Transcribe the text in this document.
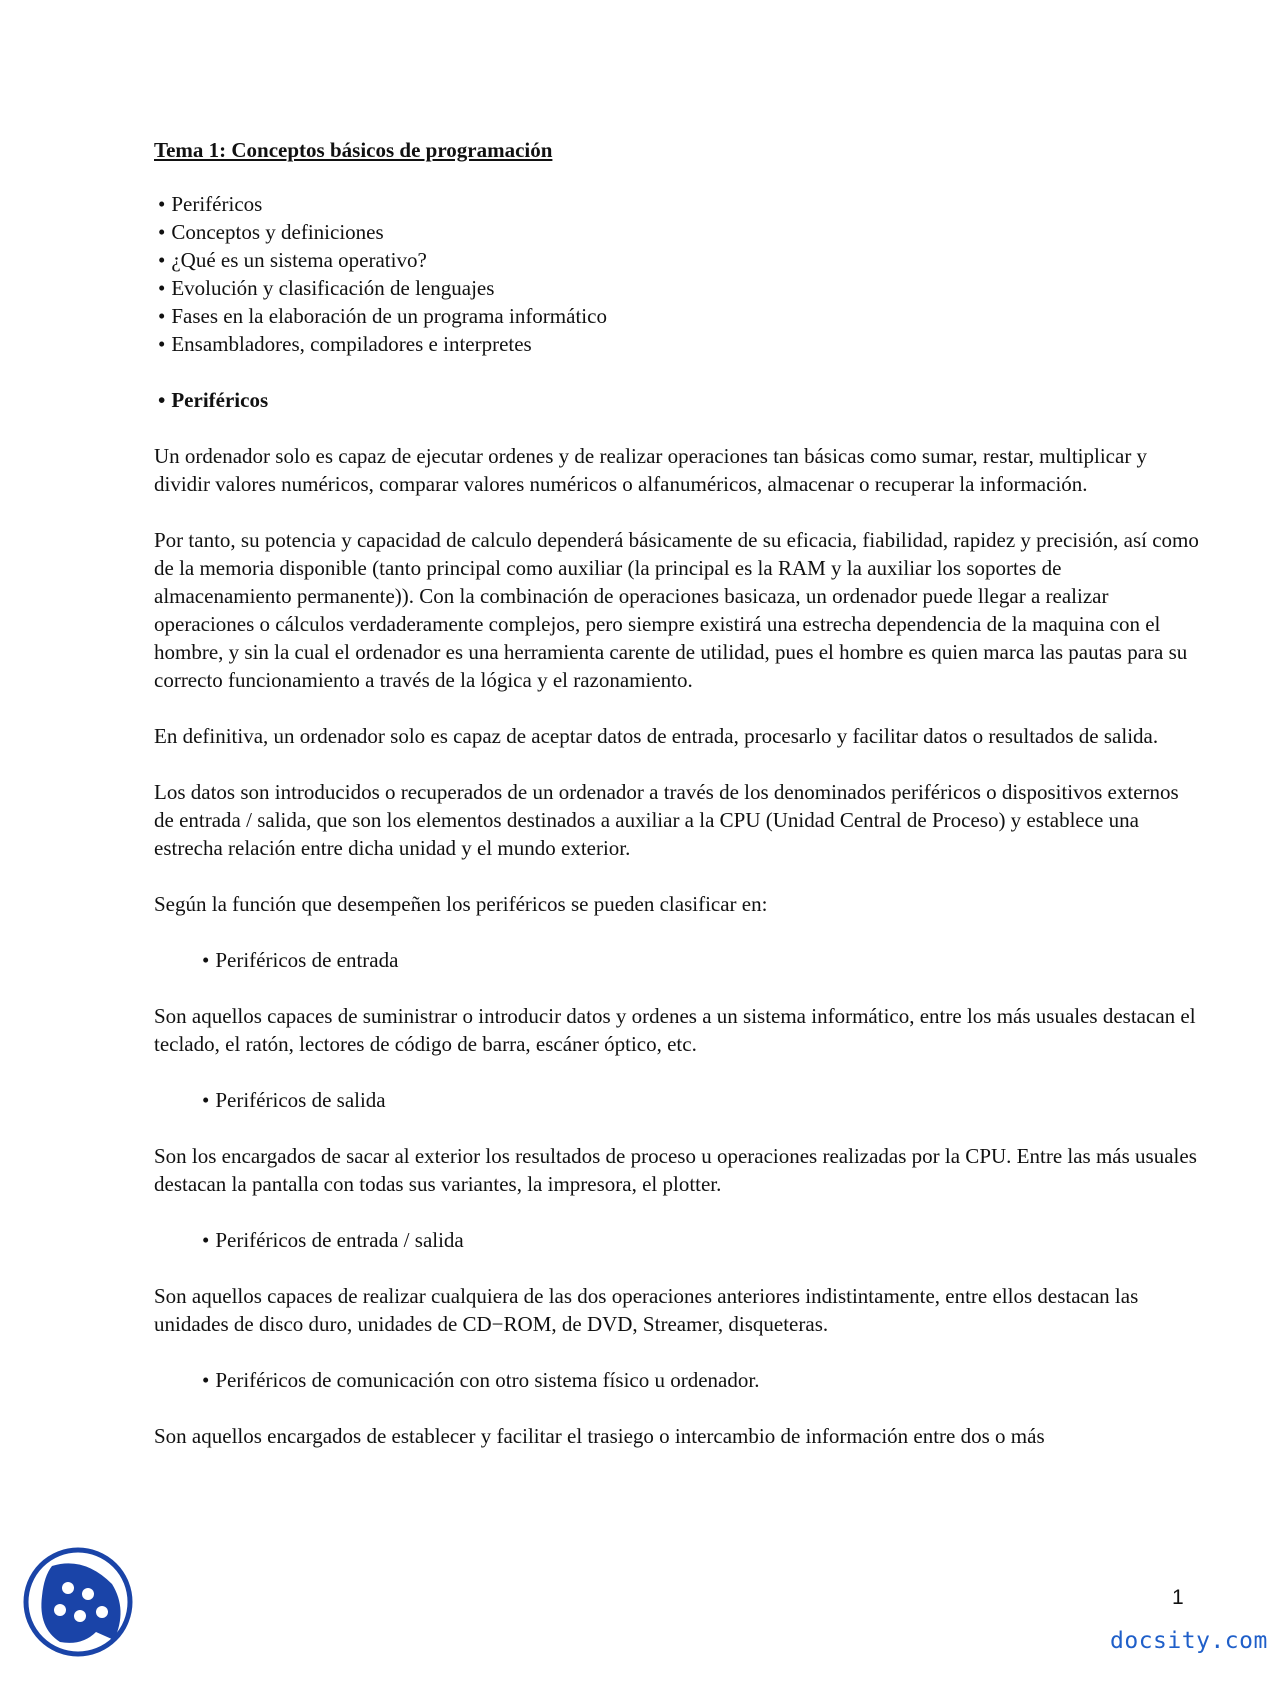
Tema 1: Conceptos básicos de programación
• Periféricos
• Conceptos y definiciones
• ¿Qué es un sistema operativo?
• Evolución y clasificación de lenguajes
• Fases en la elaboración de un programa informático
• Ensambladores, compiladores e interpretes
• Periféricos

Un ordenador solo es capaz de ejecutar ordenes y de realizar operaciones tan básicas como sumar, restar, multiplicar y dividir valores numéricos, comparar valores numéricos o alfanuméricos, almacenar o recuperar la información.

Por tanto, su potencia y capacidad de calculo dependerá básicamente de su eficacia, fiabilidad, rapidez y precisión, así como de la memoria disponible (tanto principal como auxiliar (la principal es la RAM y la auxiliar los soportes de almacenamiento permanente)). Con la combinación de operaciones basicaza, un ordenador puede llegar a realizar operaciones o cálculos verdaderamente complejos, pero siempre existirá una estrecha dependencia de la maquina con el hombre, y sin la cual el ordenador es una herramienta carente de utilidad, pues el hombre es quien marca las pautas para su correcto funcionamiento a través de la lógica y el razonamiento.

En definitiva, un ordenador solo es capaz de aceptar datos de entrada, procesarlo y facilitar datos o resultados de salida.

Los datos son introducidos o recuperados de un ordenador a través de los denominados periféricos o dispositivos externos de entrada / salida, que son los elementos destinados a auxiliar a la CPU (Unidad Central de Proceso) y establece una estrecha relación entre dicha unidad y el mundo exterior.

Según la función que desempeñen los periféricos se pueden clasificar en:

• Periféricos de entrada

Son aquellos capaces de suministrar o introducir datos y ordenes a un sistema informático, entre los más usuales destacan el teclado, el ratón, lectores de código de barra, escáner óptico, etc.

• Periféricos de salida

Son los encargados de sacar al exterior los resultados de proceso u operaciones realizadas por la CPU. Entre las más usuales destacan la pantalla con todas sus variantes, la impresora, el plotter.

• Periféricos de entrada / salida

Son aquellos capaces de realizar cualquiera de las dos operaciones anteriores indistintamente, entre ellos destacan las unidades de disco duro, unidades de CD−ROM, de DVD, Streamer, disqueteras.

• Periféricos de comunicación con otro sistema físico u ordenador.

Son aquellos encargados de establecer y facilitar el trasiego o intercambio de información entre dos o más

1
docsity.com
